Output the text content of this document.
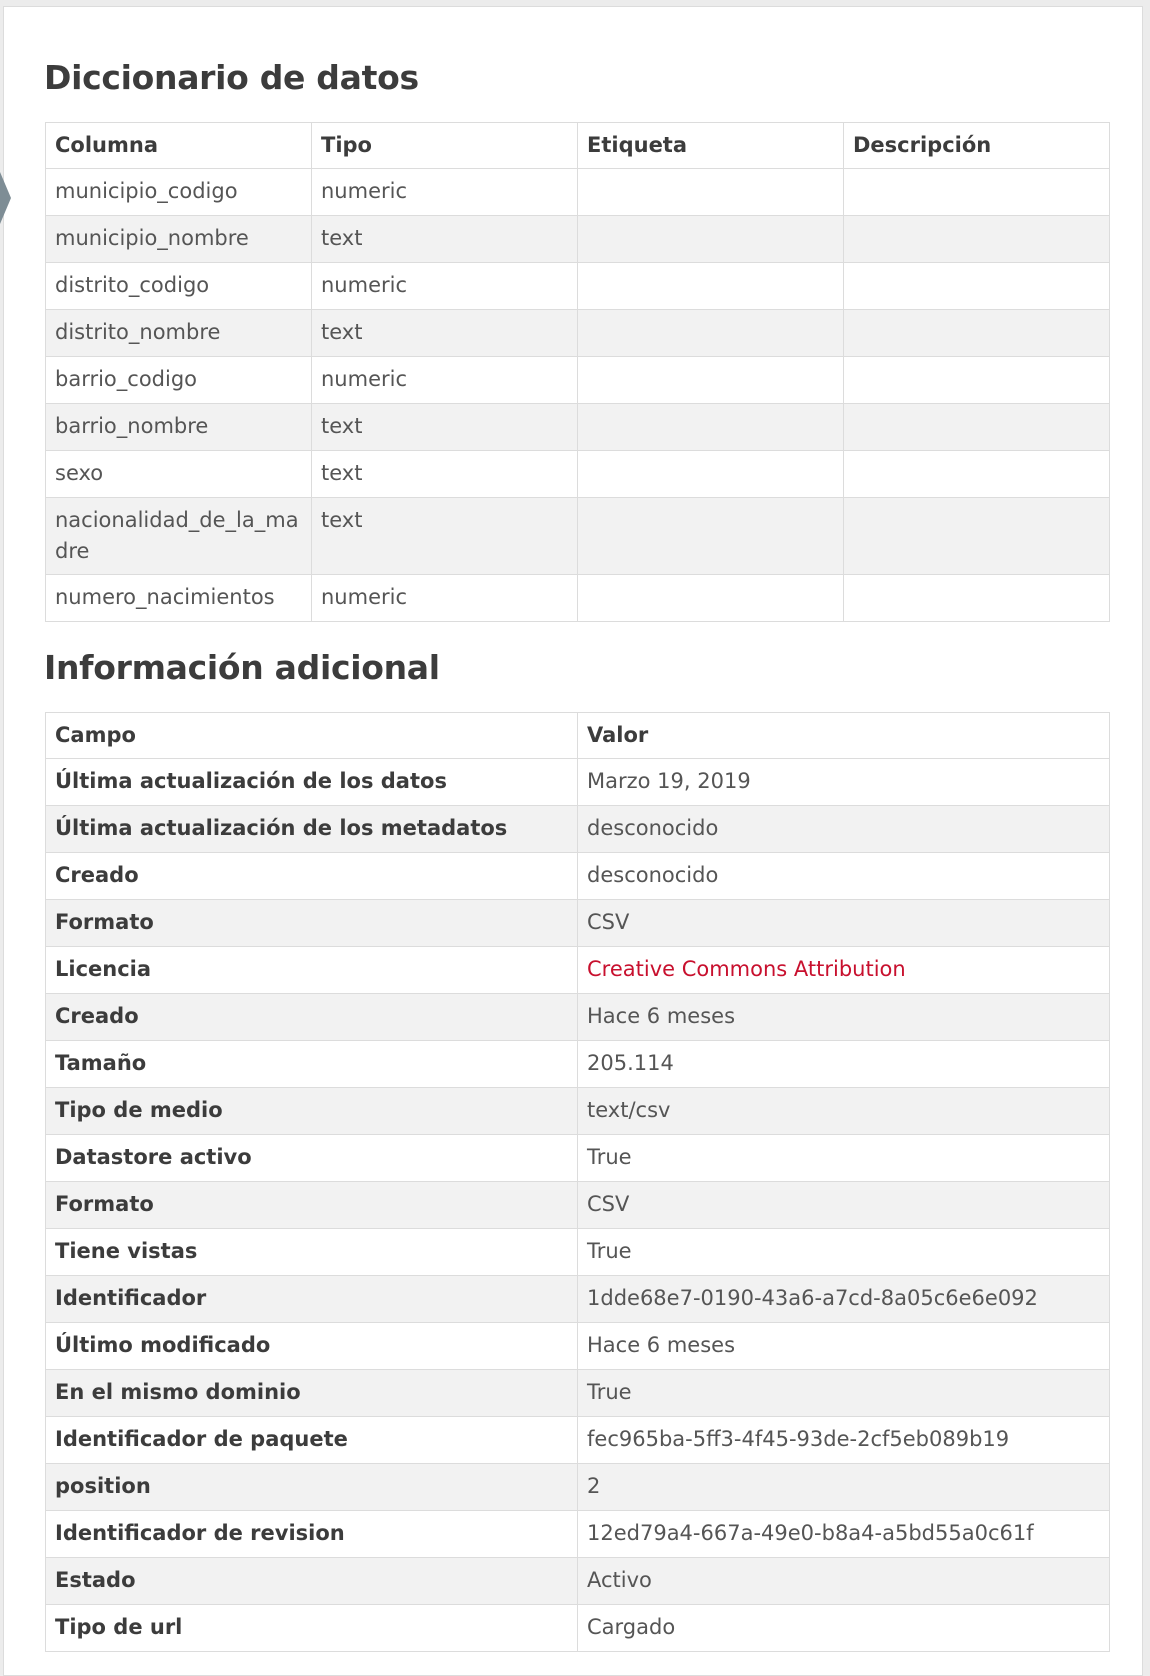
Diccionario de datos
Columna	Tipo	Etiqueta	Descripción
municipio_codigo	numeric		
municipio_nombre	text		
distrito_codigo	numeric		
distrito_nombre	text		
barrio_codigo	numeric		
barrio_nombre	text		
sexo	text		
nacionalidad_de_la_madre	text		
numero_nacimientos	numeric		
Información adicional
Campo	Valor
Última actualización de los datos	Marzo 19, 2019
Última actualización de los metadatos	desconocido
Creado	desconocido
Formato	CSV
Licencia	Creative Commons Attribution
Creado	Hace 6 meses
Tamaño	205.114
Tipo de medio	text/csv
Datastore activo	True
Formato	CSV
Tiene vistas	True
Identificador	1dde68e7-0190-43a6-a7cd-8a05c6e6e092
Último modificado	Hace 6 meses
En el mismo dominio	True
Identificador de paquete	fec965ba-5ff3-4f45-93de-2cf5eb089b19
position	2
Identificador de revision	12ed79a4-667a-49e0-b8a4-a5bd55a0c61f
Estado	Activo
Tipo de url	Cargado
